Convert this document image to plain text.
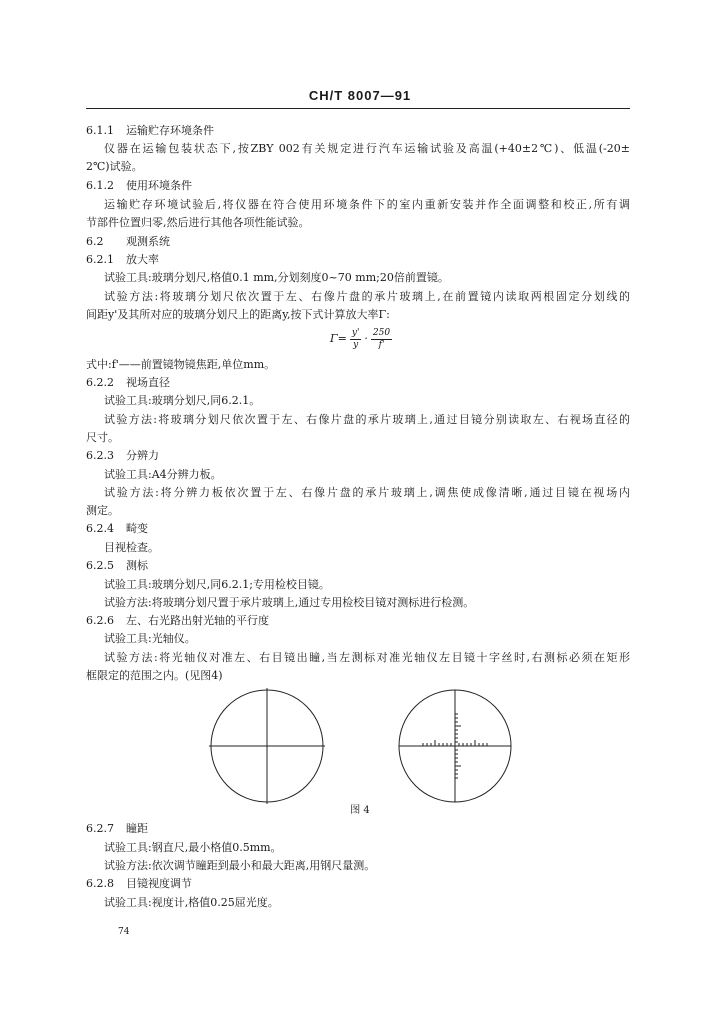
CH/T 8007—91
6.1.1 运输贮存环境条件
仪器在运输包装状态下,按ZBY 002有关规定进行汽车运输试验及高温(+40±2℃)、低温(-20±
2℃)试验。
6.1.2 使用环境条件
运输贮存环境试验后,将仪器在符合使用环境条件下的室内重新安装并作全面调整和校正,所有调
节部件位置归零,然后进行其他各项性能试验。
6.2 观测系统
6.2.1 放大率
试验工具:玻璃分划尺,格值0.1 mm,分划刻度0~70 mm;20倍前置镜。
试验方法:将玻璃分划尺依次置于左、右像片盘的承片玻璃上,在前置镜内读取两根固定分划线的
间距y'及其所对应的玻璃分划尺上的距离y,按下式计算放大率Γ:
$\Gamma= \frac{y'}{y} \cdot \frac{250}{f'}$
式中:f'——前置镜物镜焦距,单位mm。
6.2.2 视场直径
试验工具:玻璃分划尺,同6.2.1。
试验方法:将玻璃分划尺依次置于左、右像片盘的承片玻璃上,通过目镜分别读取左、右视场直径的
尺寸。
6.2.3 分辨力
试验工具:A4分辨力板。
试验方法:将分辨力板依次置于左、右像片盘的承片玻璃上,调焦使成像清晰,通过目镜在视场内
测定。
6.2.4 畸变
目视检查。
6.2.5 测标
试验工具:玻璃分划尺,同6.2.1;专用检校目镜。
试验方法:将玻璃分划尺置于承片玻璃上,通过专用检校目镜对测标进行检测。
6.2.6 左、右光路出射光轴的平行度
试验工具:光轴仪。
试验方法:将光轴仪对准左、右目镜出瞳,当左测标对准光轴仪左目镜十字丝时,右测标必须在矩形
框限定的范围之内。(见图4)
图 4
6.2.7 瞳距
试验工具:钢直尺,最小格值0.5mm。
试验方法:依次调节瞳距到最小和最大距离,用钢尺量测。
6.2.8 目镜视度调节
试验工具:视度计,格值0.25屈光度。
74
